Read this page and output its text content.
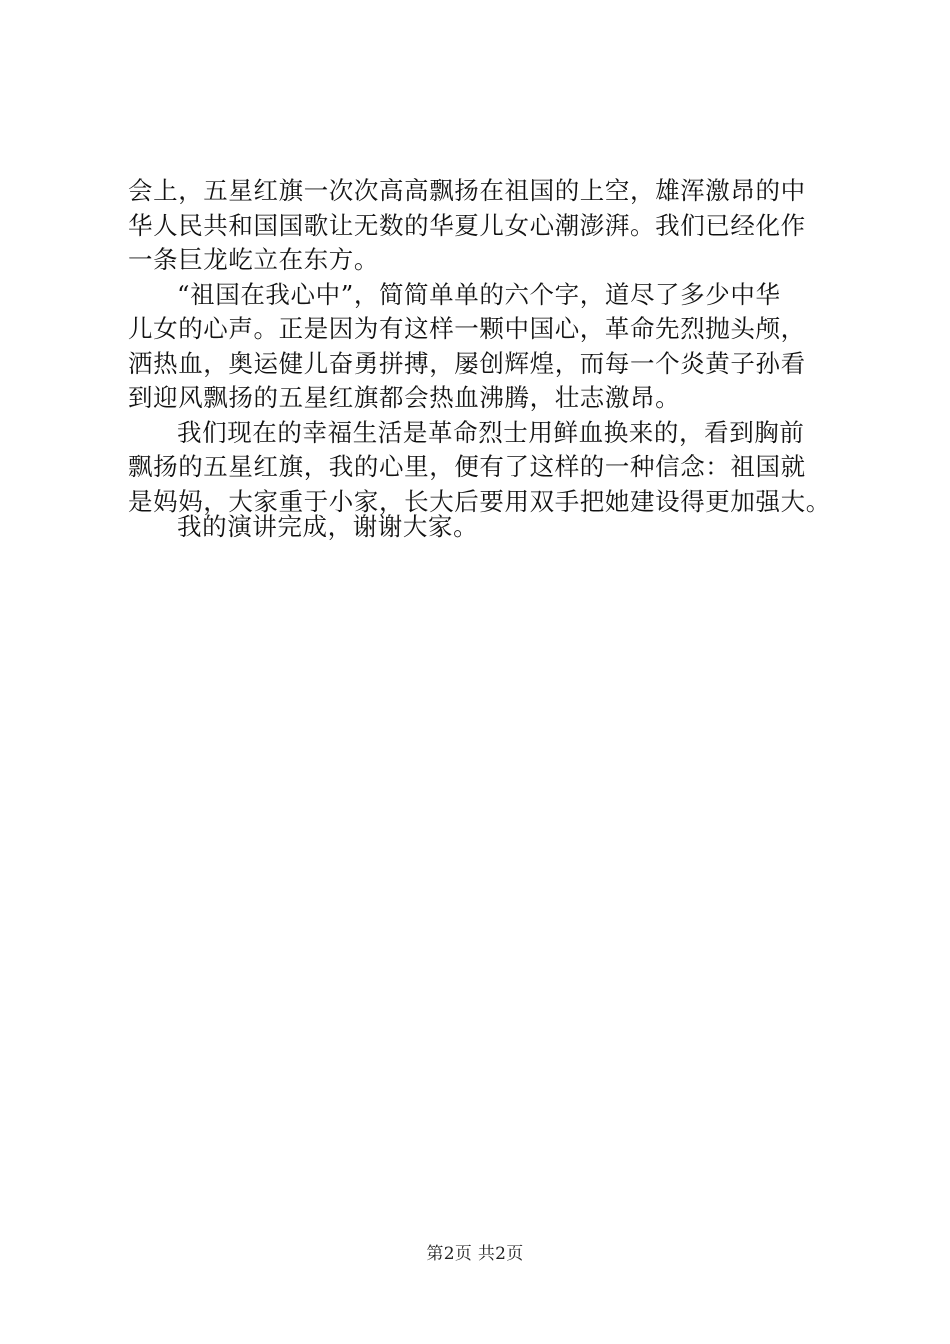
会上，五星红旗一次次高高飘扬在祖国的上空，雄浑激昂的中
华人民共和国国歌让无数的华夏儿女心潮澎湃。我们已经化作
一条巨龙屹立在东方。
“祖国在我心中”，简简单单的六个字，道尽了多少中华
儿女的心声。正是因为有这样一颗中国心，革命先烈抛头颅，
洒热血，奥运健儿奋勇拼搏，屡创辉煌，而每一个炎黄子孙看
到迎风飘扬的五星红旗都会热血沸腾，壮志激昂。
我们现在的幸福生活是革命烈士用鲜血换来的，看到胸前
飘扬的五星红旗，我的心里，便有了这样的一种信念：祖国就
是妈妈，大家重于小家，长大后要用双手把她建设得更加强大。
我的演讲完成，谢谢大家。
第2页 共2页
